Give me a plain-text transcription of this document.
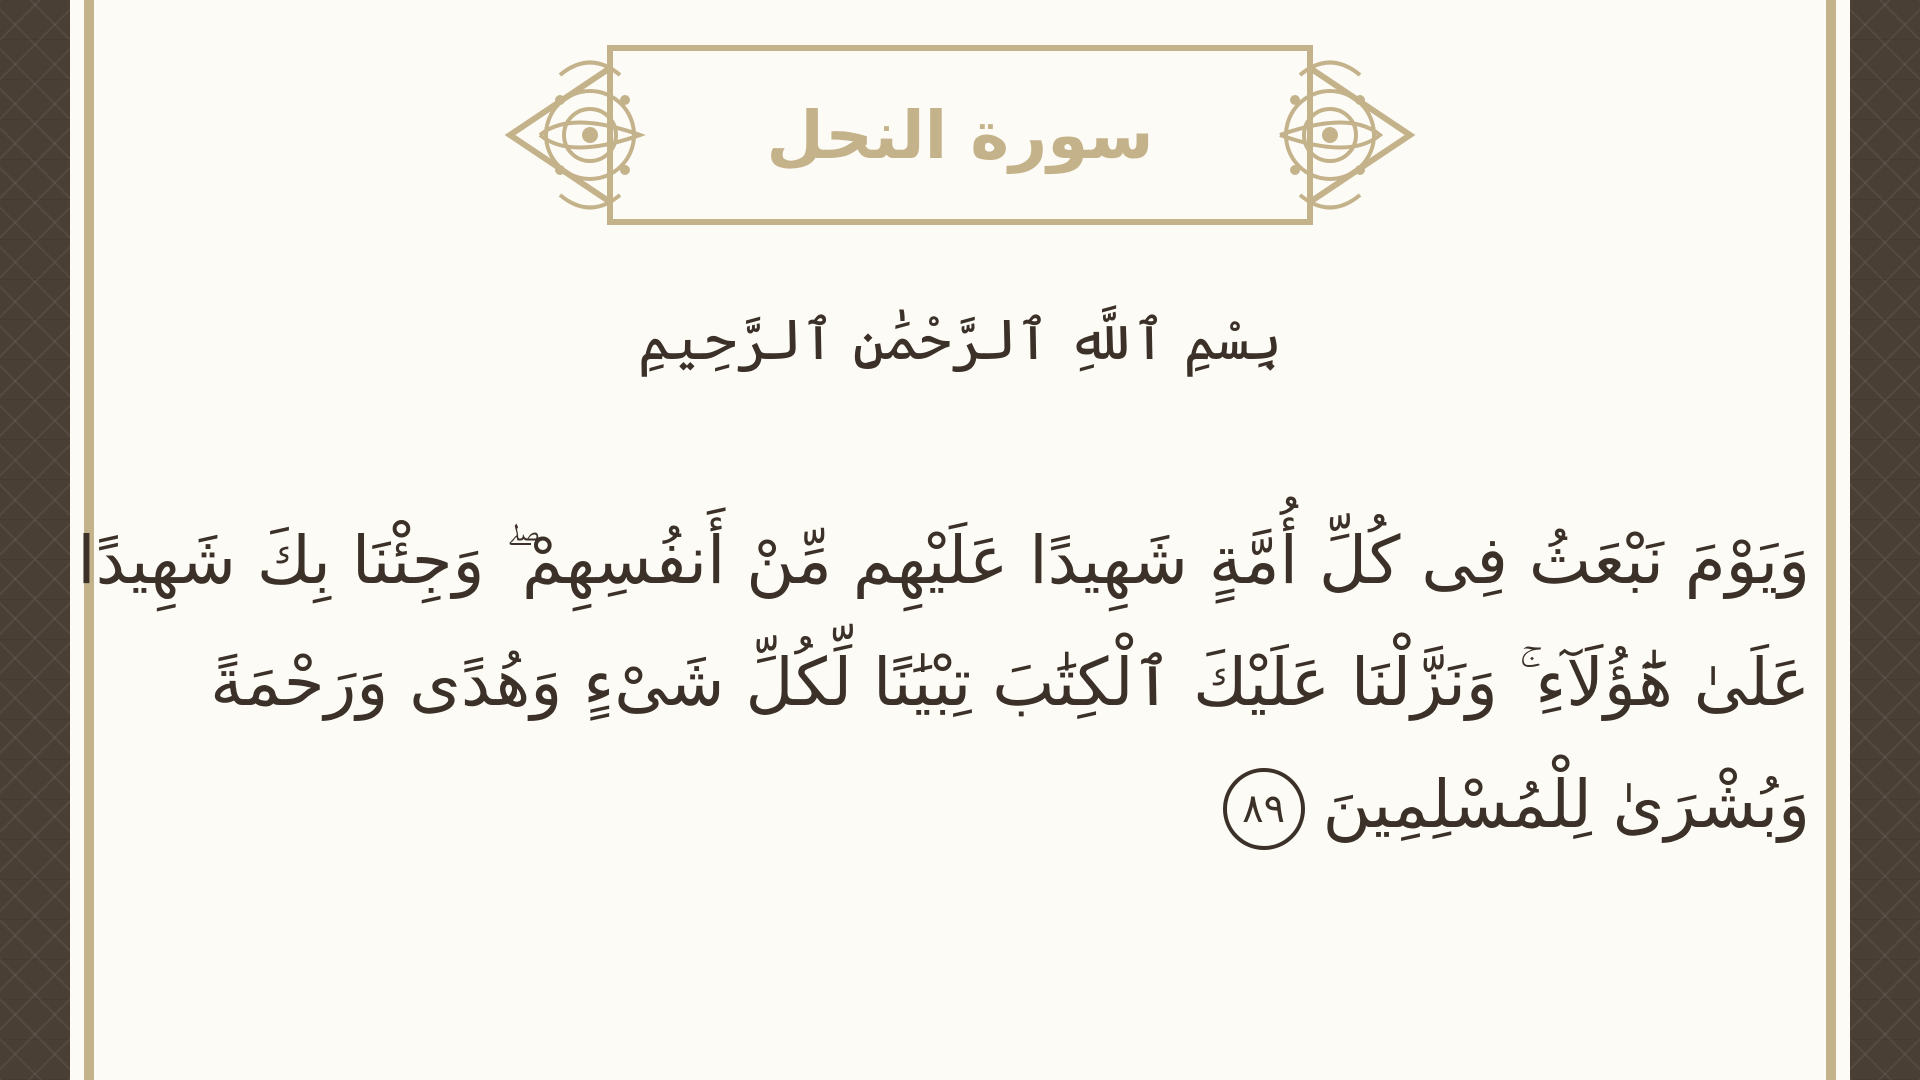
سورة النحل
بِسْمِ ٱللَّهِ ٱلرَّحْمَٰنِ ٱلرَّحِيمِ
وَيَوْمَ نَبْعَثُ فِى كُلِّ أُمَّةٍ شَهِيدًا عَلَيْهِم مِّنْ أَنفُسِهِمْ ۖ وَجِئْنَا بِكَ شَهِيدًا
عَلَىٰ هَٰٓؤُلَآءِ ۚ وَنَزَّلْنَا عَلَيْكَ ٱلْكِتَٰبَ تِبْيَٰنًا لِّكُلِّ شَىْءٍ وَهُدًى وَرَحْمَةً
وَبُشْرَىٰ لِلْمُسْلِمِينَ٨٩
